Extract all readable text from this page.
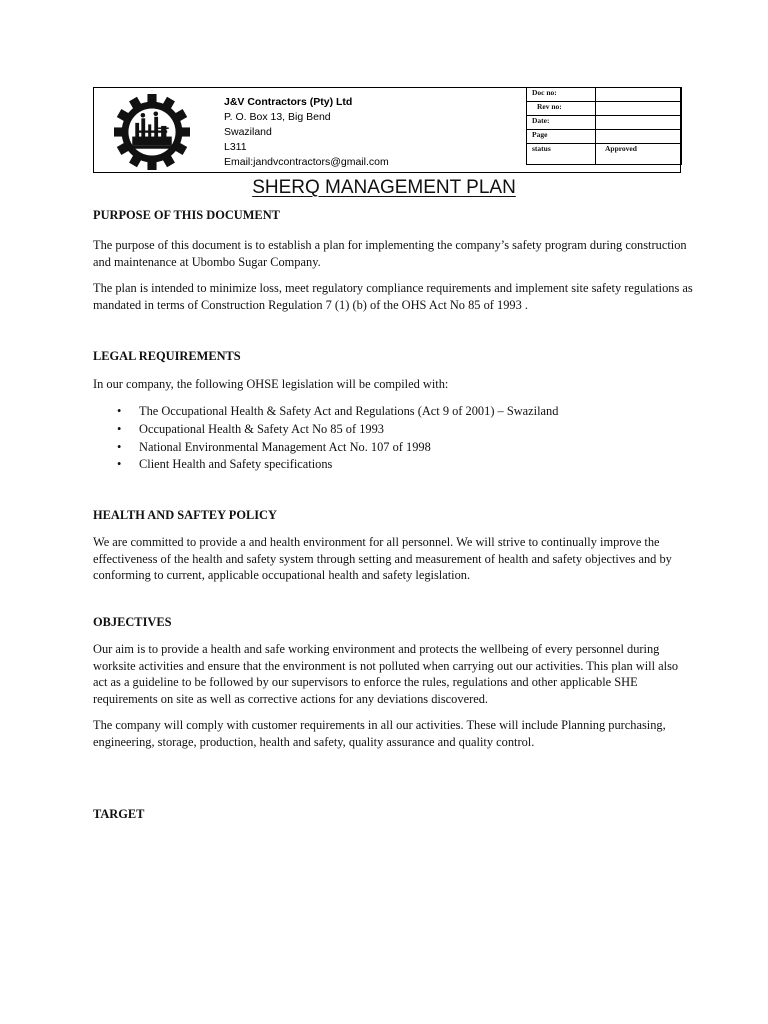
J&V Contractors (Pty) Ltd
P. O. Box 13, Big Bend
Swaziland
L311
Email:jandvcontractors@gmail.com
Doc no:	
Rev no:	
Date:	
Page	
status	Approved
SHERQ MANAGEMENT PLAN
PURPOSE OF THIS DOCUMENT

The purpose of this document is to establish a plan for implementing the company’s safety program during construction and maintenance at Ubombo Sugar Company.

The plan is intended to minimize loss, meet regulatory compliance requirements and implement site safety regulations as mandated in terms of Construction Regulation 7 (1) (b) of the OHS Act No 85 of 1993 .

LEGAL REQUIREMENTS

In our company, the following OHSE legislation will be compiled with:

• The Occupational Health & Safety Act and Regulations (Act 9 of 2001) – Swaziland
• Occupational Health & Safety Act No 85 of 1993
• National Environmental Management Act No. 107 of 1998
• Client Health and Safety specifications
HEALTH AND SAFTEY POLICY

We are committed to provide a and health environment for all personnel. We will strive to continually improve the effectiveness of the health and safety system through setting and measurement of health and safety objectives and by conforming to current, applicable occupational health and safety legislation.

OBJECTIVES

Our aim is to provide a health and safe working environment and protects the wellbeing of every personnel during worksite activities and ensure that the environment is not polluted when carrying out our activities. This plan will also act as a guideline to be followed by our supervisors to enforce the rules, regulations and other applicable SHE requirements on site as well as corrective actions for any deviations discovered.

The company will comply with customer requirements in all our activities. These will include Planning purchasing, engineering, storage, production, health and safety, quality assurance and quality control.

TARGET
